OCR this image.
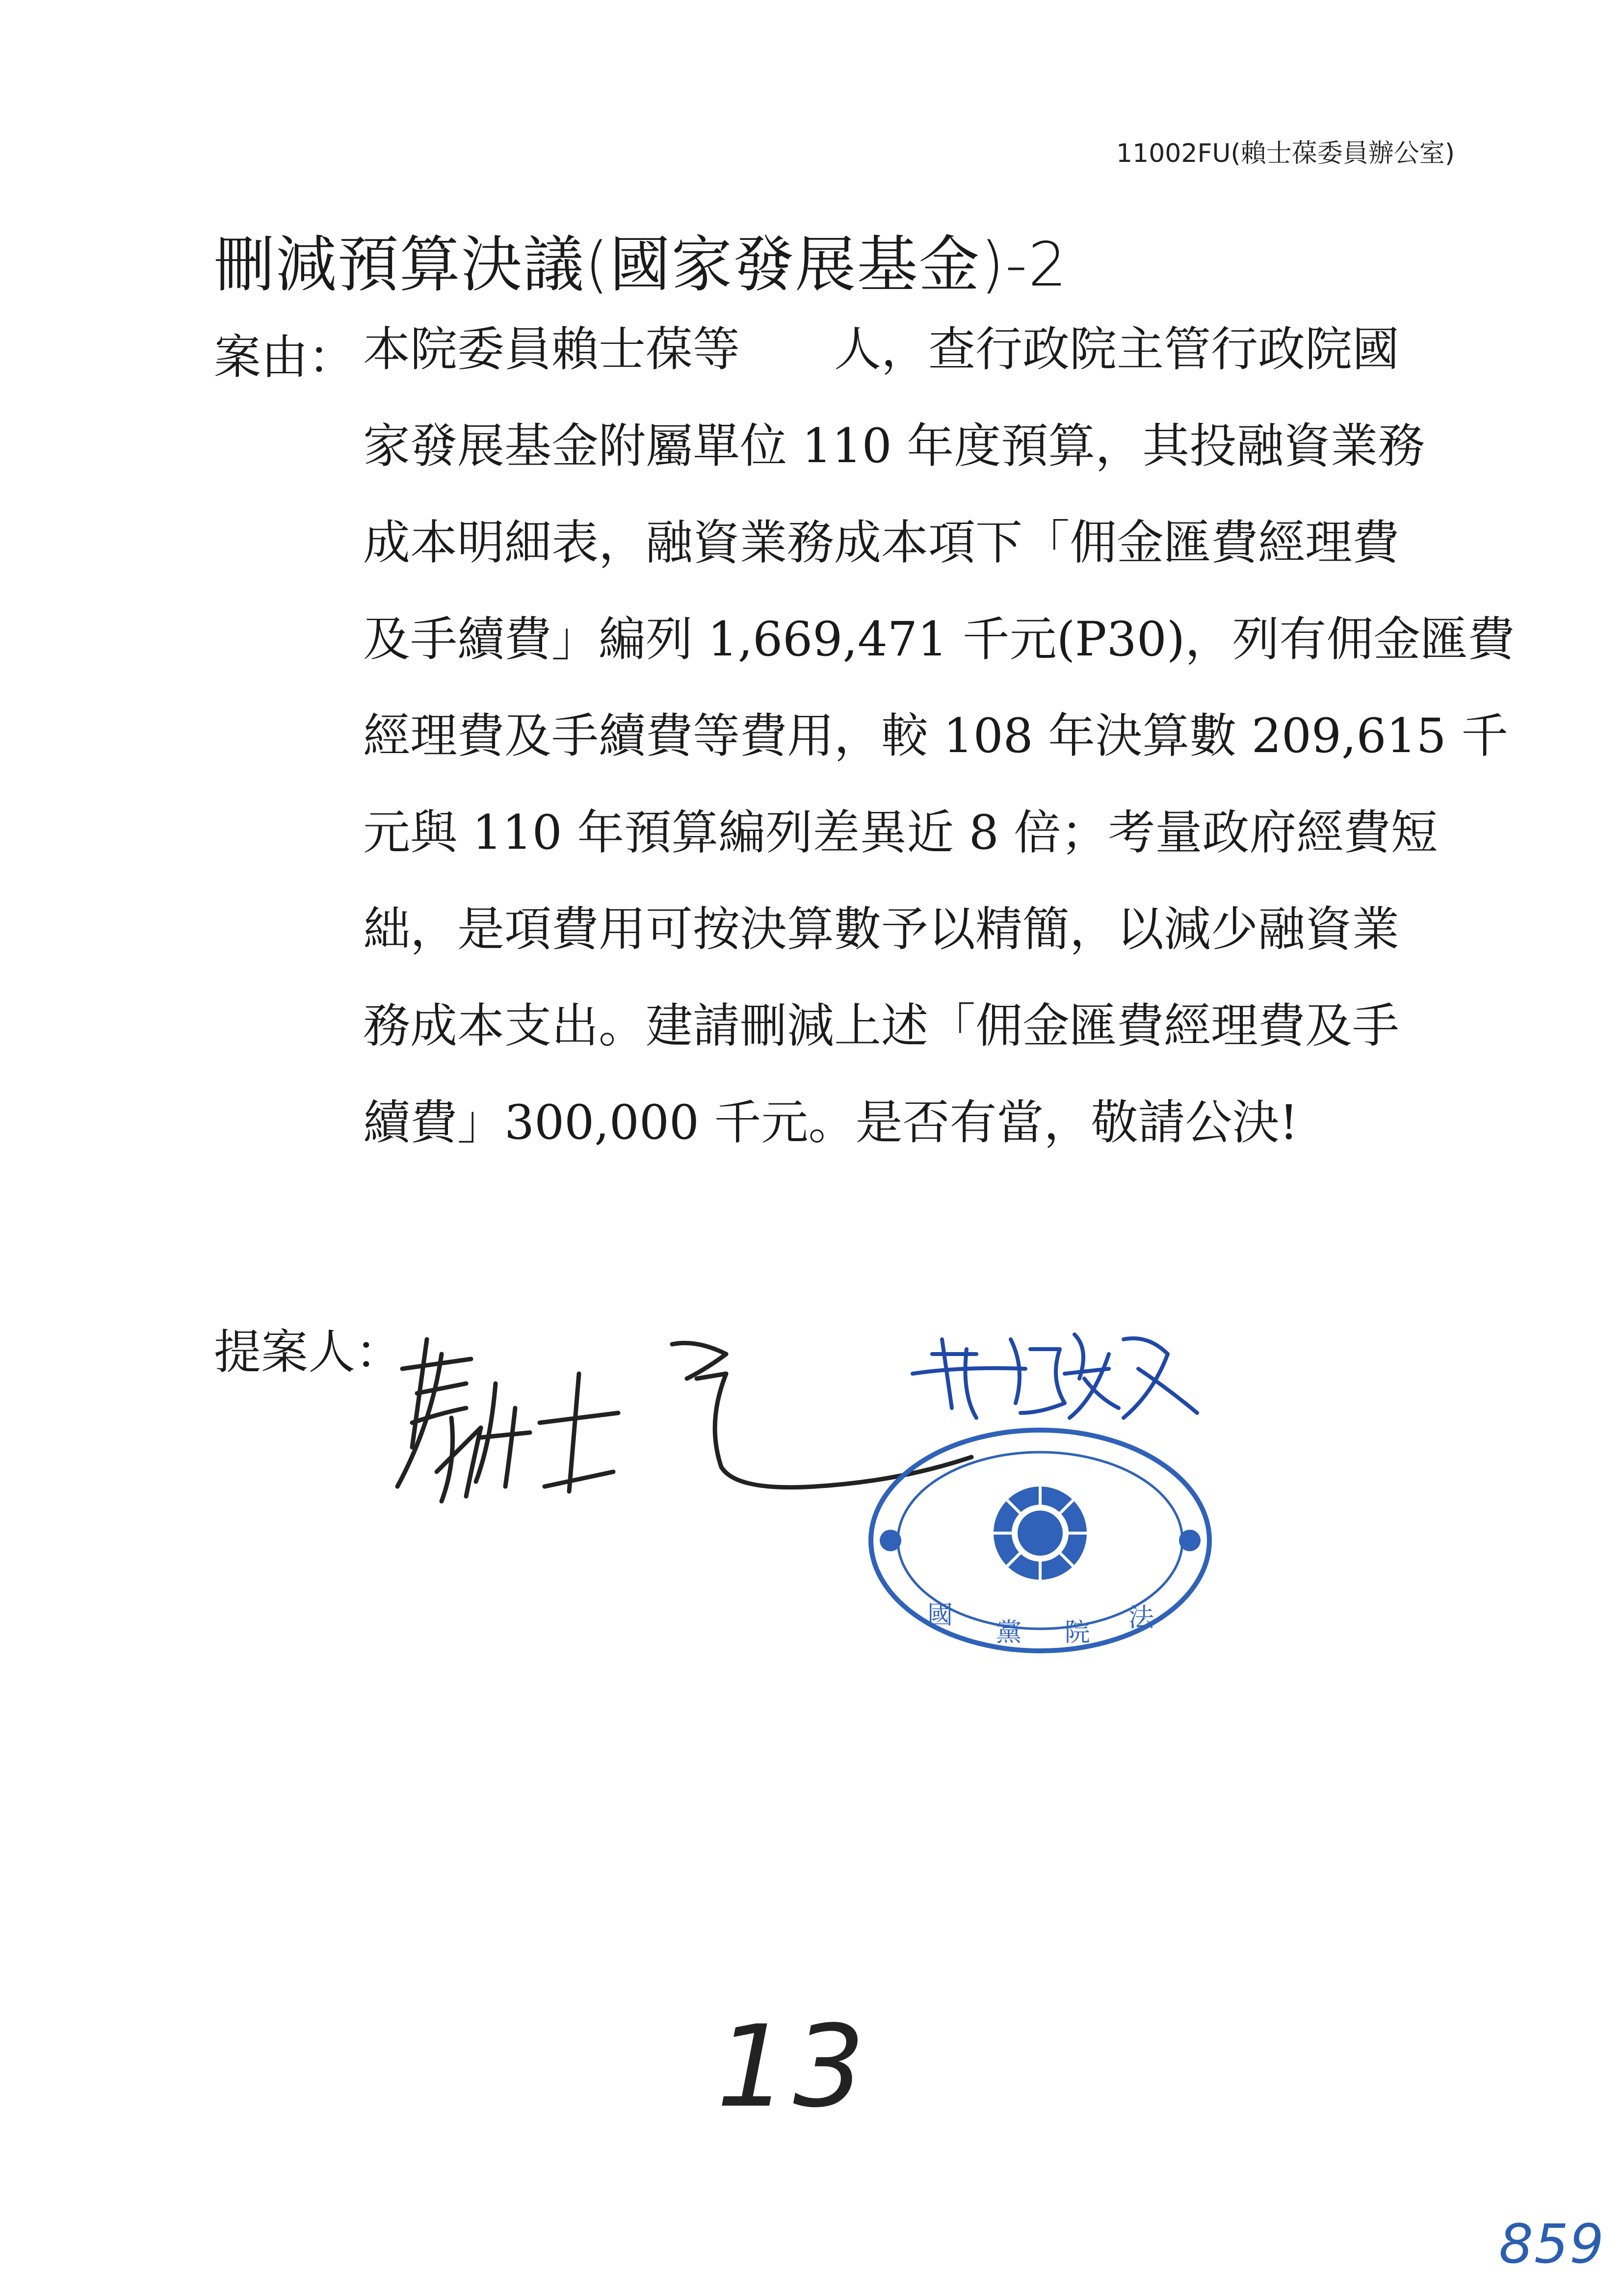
11002FU(賴士葆委員辦公室)
刪減預算決議(國家發展基金)-2
案由： 本院委員賴士葆等　　人，查行政院主管行政院國
家發展基金附屬單位 110 年度預算，其投融資業務
成本明細表，融資業務成本項下「佣金匯費經理費
及手續費」編列 1,669,471 千元(P30)，列有佣金匯費
經理費及手續費等費用，較 108 年決算數 209,615 千
元與 110 年預算編列差異近 8 倍；考量政府經費短
絀，是項費用可按決算數予以精簡，以減少融資業
務成本支出。建請刪減上述「佣金匯費經理費及手
續費」300,000 千元。是否有當，敬請公決!
提案人：
國
黨 院 法
13
859
